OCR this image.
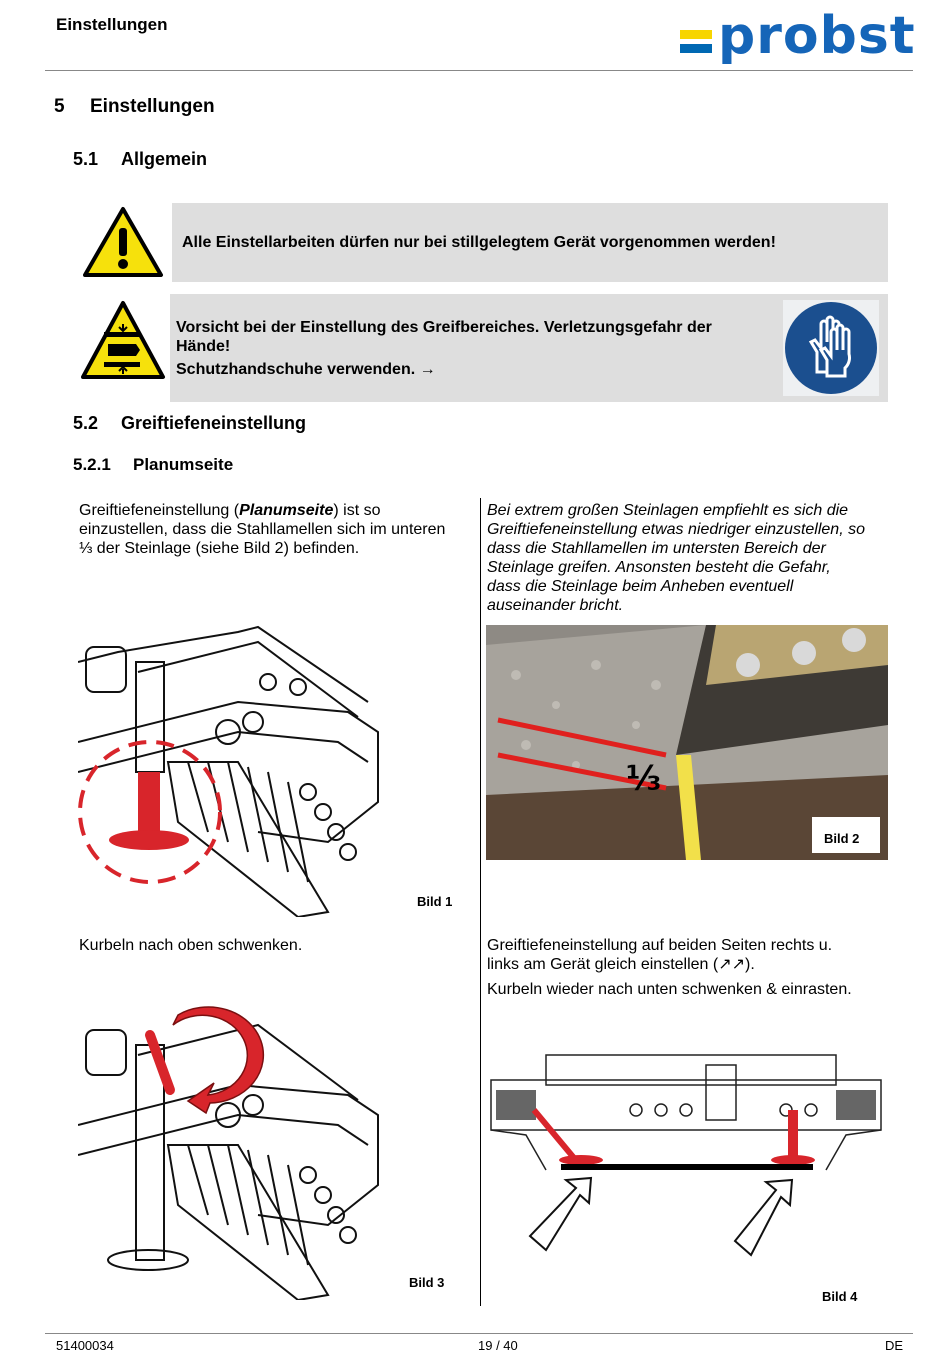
Einstellungen	probst
5 Einstellungen
5.1 Allgemein
Alle Einstellarbeiten dürfen nur bei stillgelegtem Gerät vorgenommen werden!
Vorsicht bei der Einstellung des Greifbereiches. Verletzungsgefahr der
Hände!
Schutzhandschuhe verwenden. →
5.2 Greiftiefeneinstellung
5.2.1 Planumseite
Greiftiefeneinstellung (Planumseite) ist so
einzustellen, dass die Stahllamellen sich im unteren
⅓ der Steinlage (siehe Bild 2) befinden.
Bei extrem großen Steinlagen empfiehlt es sich die
Greiftiefeneinstellung etwas niedriger einzustellen, so
dass die Stahllamellen im untersten Bereich der
Steinlage greifen. Ansonsten besteht die Gefahr,
dass die Steinlage beim Anheben eventuell
auseinander bricht.
Bild 1
⅓
Bild 2
Kurbeln nach oben schwenken.	Greiftiefeneinstellung auf beiden Seiten rechts u.
links am Gerät gleich einstellen (↗↗).
Kurbeln wieder nach unten schwenken & einrasten.
Bild 3
Bild 4
51400034	19 / 40	DE
